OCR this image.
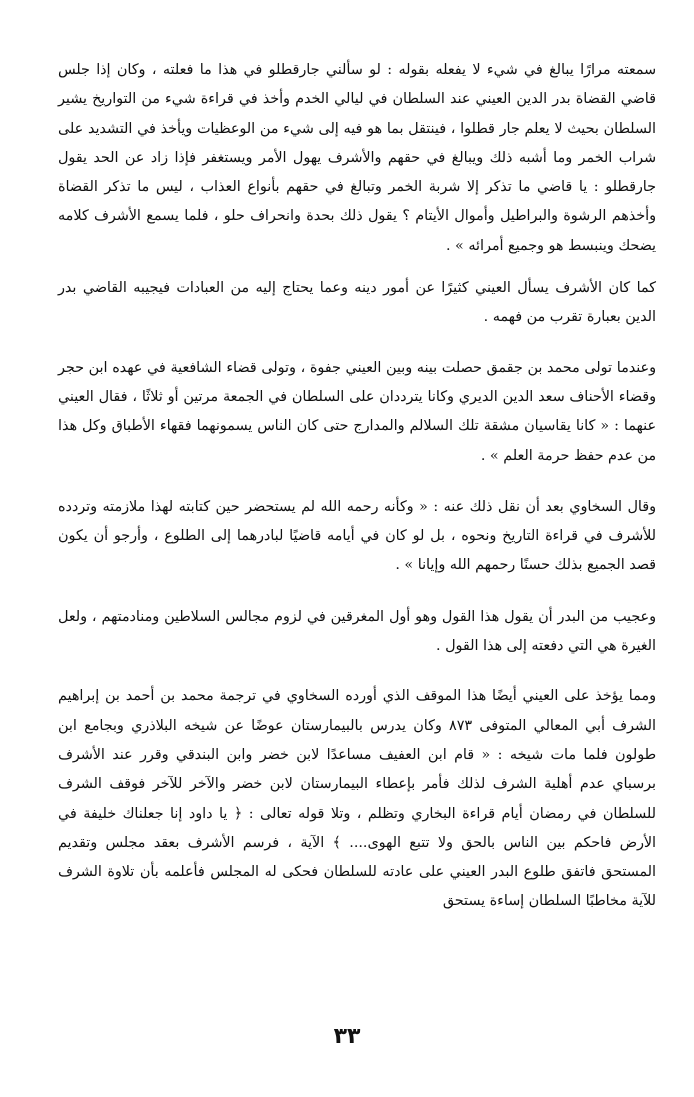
سمعته مرارًا يبالغ في شيء لا يفعله بقوله : لو سألني جارقطلو في هذا ما فعلته ، وكان إذا جلس قاضي القضاة بدر الدين العيني عند السلطان في ليالي الخدم وأخذ في قراءة شيء من التواريخ يشير السلطان بحيث لا يعلم جار قطلوا ، فينتقل بما هو فيه إلى شيء من الوعظيات ويأخذ في التشديد على شراب الخمر وما أشبه ذلك ويبالغ في حقهم والأشرف يهول الأمر ويستغفر فإذا زاد عن الحد يقول جارقطلو : يا قاضي ما تذكر إلا شربة الخمر وتبالغ في حقهم بأنواع العذاب ، ليس ما تذكر القضاة وأخذهم الرشوة والبراطيل وأموال الأيتام ؟ يقول ذلك بحدة وانحراف حلو ، فلما يسمع الأشرف كلامه يضحك وينبسط هو وجميع أمرائه » .

كما كان الأشرف يسأل العيني كثيرًا عن أمور دينه وعما يحتاج إليه من العبادات فيجيبه القاضي بدر الدين بعبارة تقرب من فهمه .

وعندما تولى محمد بن جقمق حصلت بينه وبين العيني جفوة ، وتولى قضاء الشافعية في عهده ابن حجر وقضاء الأحناف سعد الدين الديري وكانا يترددان على السلطان في الجمعة مرتين أو ثلاثًا ، فقال العيني عنهما : « كانا يقاسيان مشقة تلك السلالم والمدارج حتى كان الناس يسمونهما فقهاء الأطباق وكل هذا من عدم حفظ حرمة العلم » .

وقال السخاوي بعد أن نقل ذلك عنه : « وكأنه رحمه الله لم يستحضر حين كتابته لهذا ملازمته وتردده للأشرف في قراءة التاريخ ونحوه ، بل لو كان في أيامه قاضيًا لبادرهما إلى الطلوع ، وأرجو أن يكون قصد الجميع بذلك حسنًا رحمهم الله وإيانا » .

وعجيب من البدر أن يقول هذا القول وهو أول المغرقين في لزوم مجالس السلاطين ومنادمتهم ، ولعل الغيرة هي التي دفعته إلى هذا القول .

ومما يؤخذ على العيني أيضًا هذا الموقف الذي أورده السخاوي في ترجمة محمد بن أحمد بن إبراهيم الشرف أبي المعالي المتوفى ٨٧٣ وكان يدرس بالبيمارستان عوضًا عن شيخه البلاذري وبجامع ابن طولون فلما مات شيخه : « قام ابن العفيف مساعدًا لابن خضر وابن البندقي وقرر عند الأشرف برسباي عدم أهلية الشرف لذلك فأمر بإعطاء البيمارستان لابن خضر والآخر للآخر فوقف الشرف للسلطان في رمضان أيام قراءة البخاري وتظلم ، وتلا قوله تعالى : ﴿ يا داود إنا جعلناك خليفة في الأرض فاحكم بين الناس بالحق ولا تتبع الهوى.... ﴾ الآية ، فرسم الأشرف بعقد مجلس وتقديم المستحق فاتفق طلوع البدر العيني على عادته للسلطان فحكى له المجلس فأعلمه بأن تلاوة الشرف للآية مخاطبًا السلطان إساءة يستحق

٣٣
